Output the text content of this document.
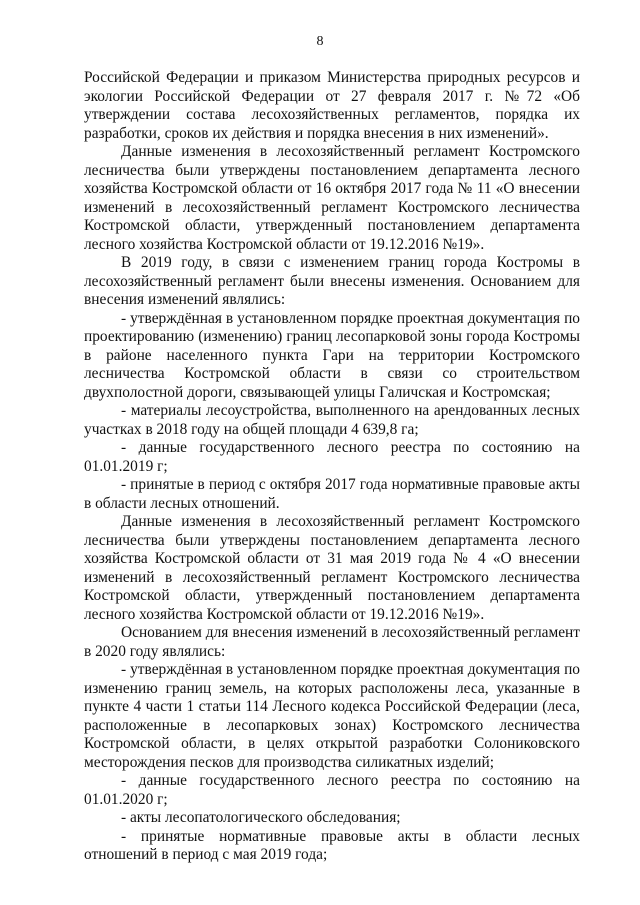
8

Российской Федерации и приказом Министерства природных ресурсов и экологии Российской Федерации от 27 февраля 2017 г. №72 «Об утверждении состава лесохозяйственных регламентов, порядка их разработки, сроков их действия и порядка внесения в них изменений».

Данные изменения в лесохозяйственный регламент Костромского лесничества были утверждены постановлением департамента лесного хозяйства Костромской области от 16 октября 2017 года № 11 «О внесении изменений в лесохозяйственный регламент Костромского лесничества Костромской области, утвержденный постановлением департамента лесного хозяйства Костромской области от 19.12.2016 №19».

В 2019 году, в связи с изменением границ города Костромы в лесохозяйственный регламент были внесены изменения. Основанием для внесения изменений являлись:

- утверждённая в установленном порядке проектная документация по проектированию (изменению) границ лесопарковой зоны города Костромы в районе населенного пункта Гари на территории Костромского лесничества Костромской области в связи со строительством двухполостной дороги, связывающей улицы Галичская и Костромская;

- материалы лесоустройства, выполненного на арендованных лесных участках в 2018 году на общей площади 4 639,8 га;

- данные государственного лесного реестра по состоянию на 01.01.2019 г;

- принятые в период с октября 2017 года нормативные правовые акты в области лесных отношений.

Данные изменения в лесохозяйственный регламент Костромского лесничества были утверждены постановлением департамента лесного хозяйства Костромской области от 31 мая 2019 года № 4 «О внесении изменений в лесохозяйственный регламент Костромского лесничества Костромской области, утвержденный постановлением департамента лесного хозяйства Костромской области от 19.12.2016 №19».

Основанием для внесения изменений в лесохозяйственный регламент в 2020 году являлись:

- утверждённая в установленном порядке проектная документация по изменению границ земель, на которых расположены леса, указанные в пункте 4 части 1 статьи 114 Лесного кодекса Российской Федерации (леса, расположенные в лесопарковых зонах) Костромского лесничества Костромской области, в целях открытой разработки Солониковского месторождения песков для производства силикатных изделий;

- данные государственного лесного реестра по состоянию на 01.01.2020 г;

- акты лесопатологического обследования;

- принятые нормативные правовые акты в области лесных отношений в период с мая 2019 года;
